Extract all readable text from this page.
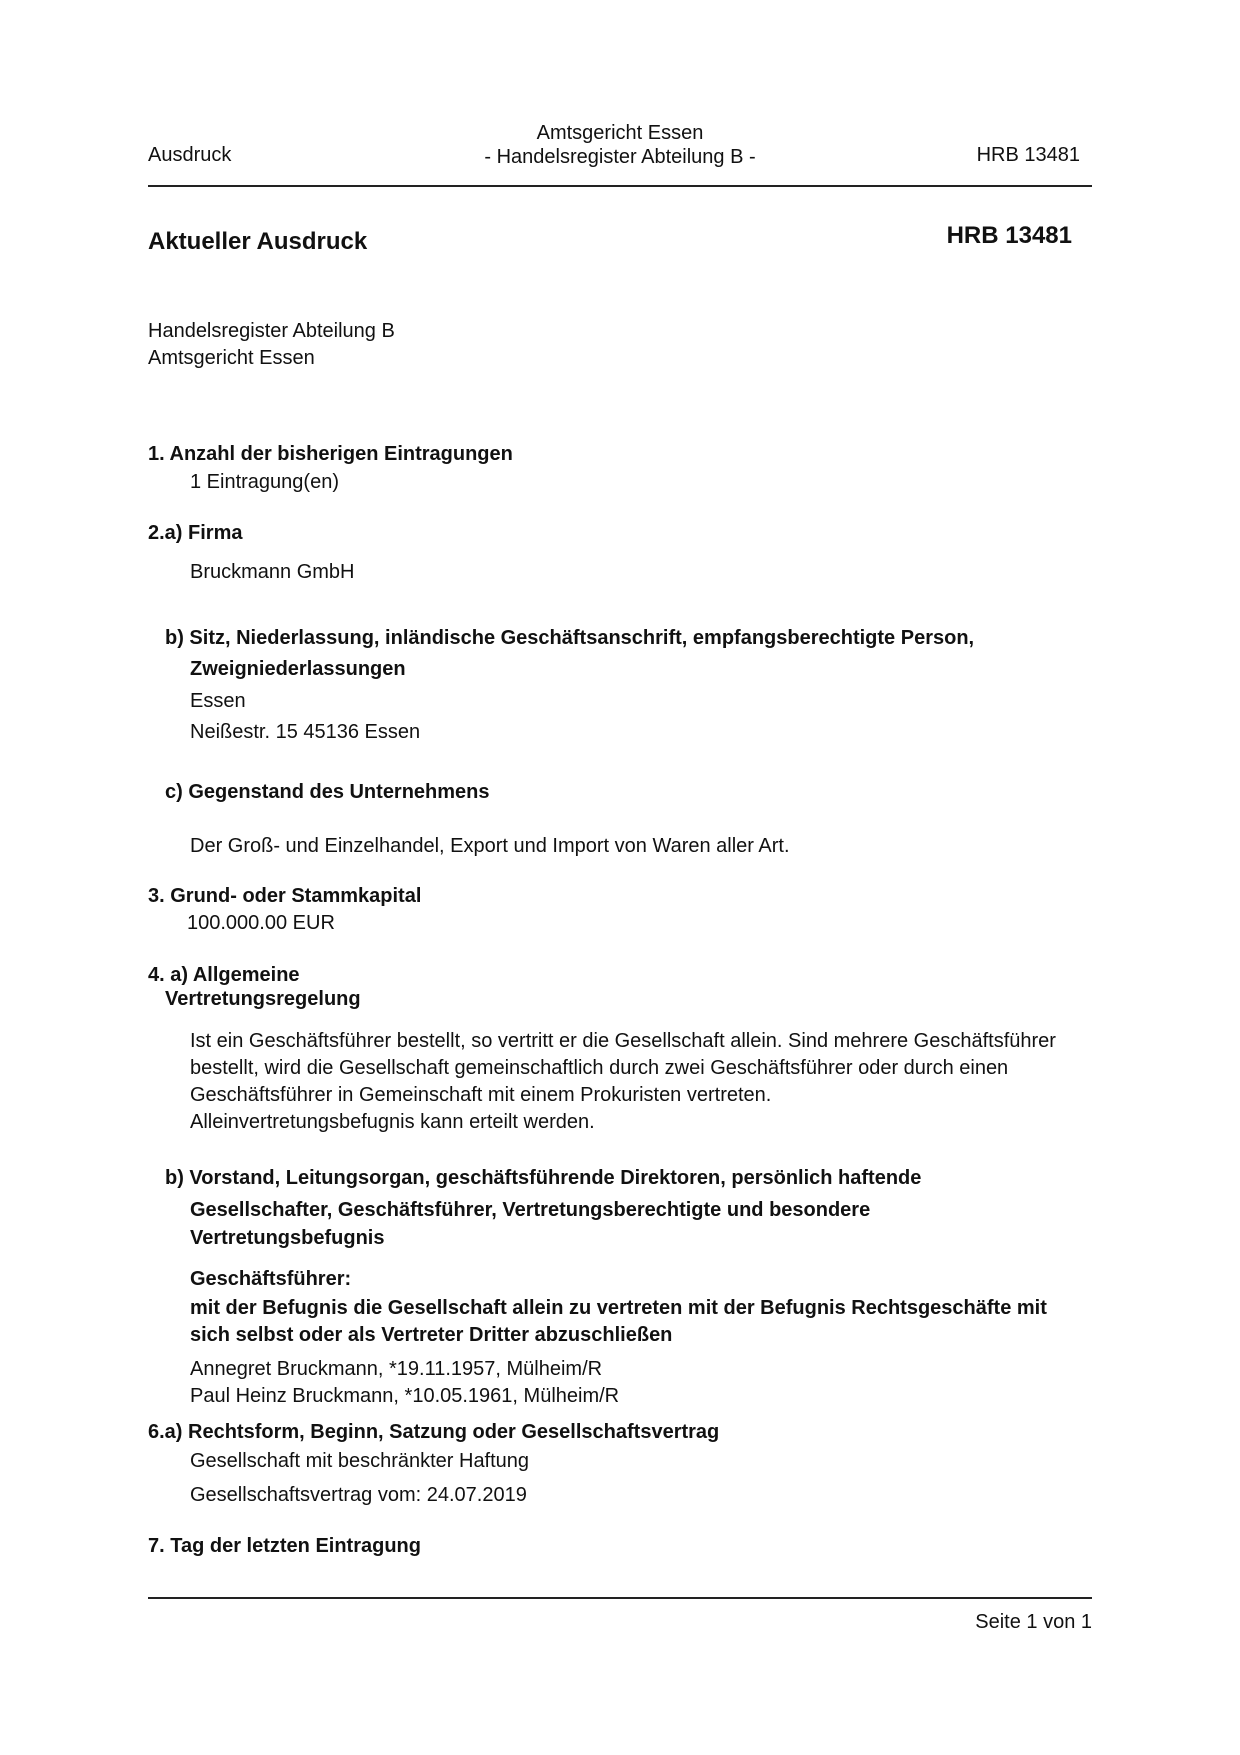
Ausdruck
Amtsgericht Essen
- Handelsregister Abteilung B -	HRB 13481
Aktueller Ausdruck	HRB 13481
Handelsregister Abteilung B
Amtsgericht Essen
1. Anzahl der bisherigen Eintragungen
1 Eintragung(en)
2.a) Firma
Bruckmann GmbH
b) Sitz, Niederlassung, inländische Geschäftsanschrift, empfangsberechtigte Person,
Zweigniederlassungen
Essen
Neißestr. 15 45136 Essen
c) Gegenstand des Unternehmens
Der Groß- und Einzelhandel, Export und Import von Waren aller Art.
3. Grund- oder Stammkapital
100.000.00 EUR
4. a) Allgemeine
Vertretungsregelung
Ist ein Geschäftsführer bestellt, so vertritt er die Gesellschaft allein. Sind mehrere Geschäftsführer
bestellt, wird die Gesellschaft gemeinschaftlich durch zwei Geschäftsführer oder durch einen
Geschäftsführer in Gemeinschaft mit einem Prokuristen vertreten.
Alleinvertretungsbefugnis kann erteilt werden.
b) Vorstand, Leitungsorgan, geschäftsführende Direktoren, persönlich haftende
Gesellschafter, Geschäftsführer, Vertretungsberechtigte und besondere
Vertretungsbefugnis
Geschäftsführer:
mit der Befugnis die Gesellschaft allein zu vertreten mit der Befugnis Rechtsgeschäfte mit
sich selbst oder als Vertreter Dritter abzuschließen
Annegret Bruckmann, *19.11.1957, Mülheim/R
Paul Heinz Bruckmann, *10.05.1961, Mülheim/R
6.a) Rechtsform, Beginn, Satzung oder Gesellschaftsvertrag
Gesellschaft mit beschränkter Haftung
Gesellschaftsvertrag vom: 24.07.2019
7. Tag der letzten Eintragung
Seite 1 von 1
